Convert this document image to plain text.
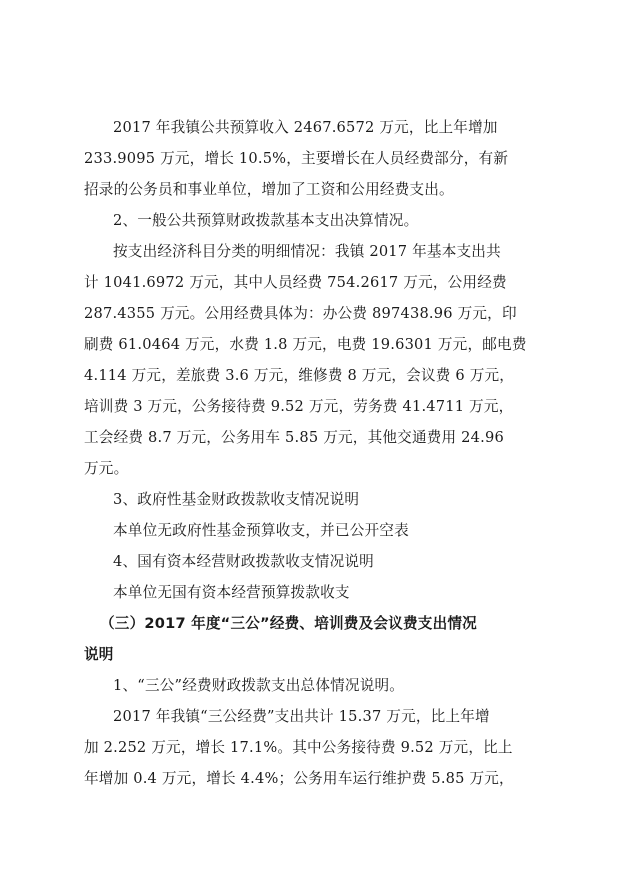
2017 年我镇公共预算收入 2467.6572 万元，比上年增加
233.9095 万元，增长 10.5%，主要增长在人员经费部分，有新
招录的公务员和事业单位，增加了工资和公用经费支出。
2、一般公共预算财政拨款基本支出决算情况。
按支出经济科目分类的明细情况：我镇 2017 年基本支出共
计 1041.6972 万元，其中人员经费 754.2617 万元，公用经费
287.4355 万元。公用经费具体为：办公费 897438.96 万元，印
刷费 61.0464 万元，水费 1.8 万元，电费 19.6301 万元，邮电费
4.114 万元，差旅费 3.6 万元，维修费 8 万元，会议费 6 万元，
培训费 3 万元，公务接待费 9.52 万元，劳务费 41.4711 万元，
工会经费 8.7 万元，公务用车 5.85 万元，其他交通费用 24.96
万元。
3、政府性基金财政拨款收支情况说明
本单位无政府性基金预算收支，并已公开空表
4、国有资本经营财政拨款收支情况说明
本单位无国有资本经营预算拨款收支
（三）2017 年度“三公”经费、培训费及会议费支出情况
说明
1、“三公”经费财政拨款支出总体情况说明。
2017 年我镇“三公经费”支出共计 15.37 万元，比上年增
加 2.252 万元，增长 17.1%。其中公务接待费 9.52 万元，比上
年增加 0.4 万元，增长 4.4%；公务用车运行维护费 5.85 万元，
